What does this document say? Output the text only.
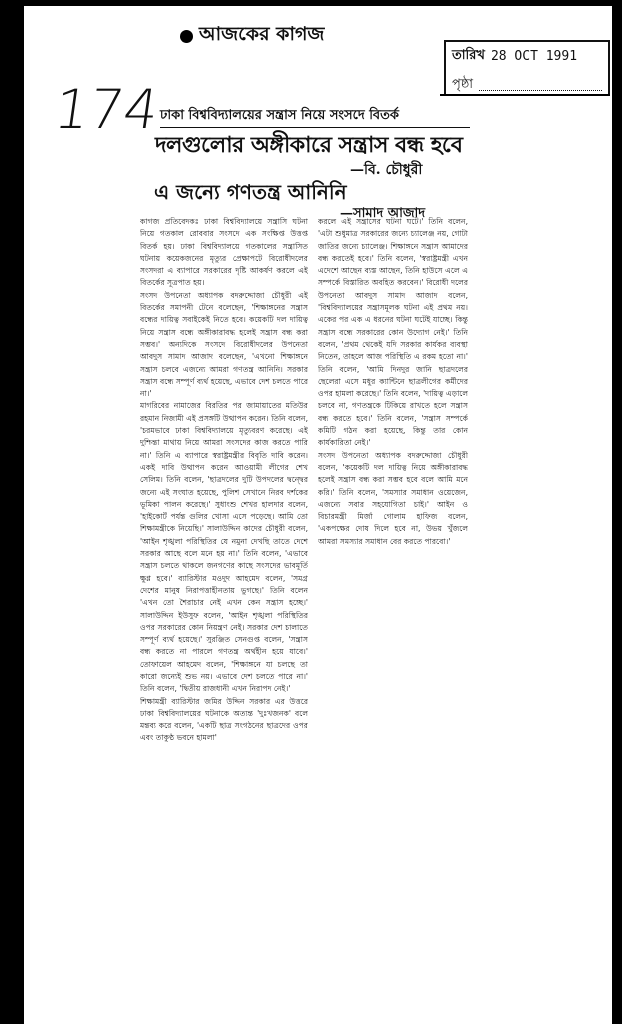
আজকের কাগজ
তারিখ 28 OCT 1991
পৃষ্ঠা
174
ঢাকা বিশ্ববিদ্যালয়ের সন্ত্রাস নিয়ে সংসদে বিতর্ক
দলগুলোর অঙ্গীকারে সন্ত্রাস বন্ধ হবে
—বি. চৌধুরী
এ জন্যে গণতন্ত্র আনিনি
—সামাদ আজাদ

কাগজ প্রতিবেদকঃ ঢাকা বিশ্ববিদ্যালয়ে সন্ত্রাসি ঘটনা নিয়ে গতকাল রোববার সংসদে এক সংক্ষিপ্ত উত্তপ্ত বিতর্ক হয়। ঢাকা বিশ্ববিদ্যালয়ে গতকালের সন্ত্রাসিত ঘটনায় কয়েকজনের মৃত্যুর প্রেক্ষাপটে বিরোধীদলের সংসদরা এ ব্যাপারে সরকারের দৃষ্টি আকর্ষণ করলে এই বিতর্কের সূত্রপাত হয়।

সংসদ উপনেতা অধ্যাপক বদরুদ্দোজা চৌধুরী এই বিতর্কের সমাপনী টেনে বলেছেন, 'শিক্ষাঙ্গনের সন্ত্রাস বন্ধের দায়িত্ব সবাইকেই নিতে হবে। কয়েকটি দল দায়িত্ব নিয়ে সন্ত্রাস বন্ধে অঙ্গীকারাবদ্ধ হলেই সন্ত্রাস বন্ধ করা সম্ভব।' অন্যদিকে সংসদে বিরোধীদলের উপনেতা আবদুস সামাদ আজাদ বলেছেন, 'এখনো শিক্ষাঙ্গনে সন্ত্রাস চলবে এজন্যে আমরা গণতন্ত্র আনিনি। সরকার সন্ত্রাস বন্ধে সম্পূর্ণ ব্যর্থ হয়েছে, এভাবে দেশ চলতে পারে না।'

মাগরিবের নামাজের বিরতির পর জামায়াতের মতিউর রহমান নিজামী এই প্রসঙ্গটি উত্থাপন করেন। তিনি বলেন, 'চরমভাবে ঢাকা বিশ্ববিদ্যালয়ে মৃত্যুবরণ করেছে। এই দুশ্চিন্তা মাথায় নিয়ে আমরা সংসদের কাজ করতে পারি না।' তিনি এ ব্যাপারে স্বরাষ্ট্রমন্ত্রীর বিবৃতি দাবি করেন। একই দাবি উত্থাপন করেন আওয়ামী লীগের শেখ সেলিম। তিনি বলেন, 'ছাত্রদলের দুটি উপদলের দ্বন্দ্বের জন্যে এই সংঘাত হয়েছে, পুলিশ সেখানে নিরব দর্শকের ভূমিকা পালন করেছে।' সুধাংশু শেখর হালদার বলেন, 'হাইকোর্ট পর্যন্ত গুলির খোসা এসে পড়েছে। আমি তো শিক্ষামন্ত্রীকে নিয়েছি।' সালাউদ্দিন কাদের চৌধুরী বলেন, 'আইন শৃঙ্খলা পরিস্থিতির যে নমুনা দেখছি তাতে দেশে সরকার আছে বলে মনে হয় না।' তিনি বলেন, 'এভাবে সন্ত্রাস চলতে থাকলে জনগণের কাছে সংসদের ভাবমূর্তি ক্ষুণ্ণ হবে।' ব্যারিস্টার মওদুদ আহমেদ বলেন, 'সমগ্র দেশের মানুষ নিরাপত্তাহীনতায় ভুগছে।' তিনি বলেন 'এখন তো শৈরাচার নেই এখন কেন সন্ত্রাস হচ্ছে।' সালাউদ্দিন ইউসুফ বলেন, 'আইন শৃঙ্খলা পরিস্থিতির ওপর সরকারের কোন নিয়ন্ত্রণ নেই। সরকার দেশ চালাতে সম্পূর্ণ ব্যর্থ হয়েছে।' সুরঞ্জিত সেনগুপ্ত বলেন, 'সন্ত্রাস বন্ধ করতে না পারলে গণতন্ত্র অর্থহীন হয়ে যাবে।' তোফায়েল আহমেদ বলেন, 'শিক্ষাঙ্গনে যা চলছে তা কারো জন্যেই শুভ নয়। এভাবে দেশ চলতে পারে না।' তিনি বলেন, 'দ্বিতীয় রাজধানী এখন নিরাপদ নেই।'

শিক্ষামন্ত্রী ব্যারিস্টার জমির উদ্দিন সরকার এর উত্তরে ঢাকা বিশ্ববিদ্যালয়ের ঘটনাকে অত্যন্ত 'দুঃখজনক' বলে মন্তব্য করে বলেন, 'একটি ছাত্র সংগঠনের ছাত্রদের ওপর এবং তাকুণ্ঠ ভবনে হামলা'

করলে এই সন্ত্রাসের ঘটনা ঘটে।' তিনি বলেন, 'এটা শুধুমাত্র সরকারের জন্যে চ্যালেঞ্জ নয়, গোটা জাতির জন্যে চ্যালেঞ্জ। শিক্ষাঙ্গনে সন্ত্রাস আমাদের বন্ধ করতেই হবে।' তিনি বলেন, 'স্বরাষ্ট্রমন্ত্রী এখন এদেশে আছেন ব্যস্ত আছেন, তিনি হাউসে এলে এ সম্পর্কে বিস্তারিত অবহিত করবেন।' বিরোধী দলের উপনেতা আবদুস সামাদ আজাদ বলেন, 'বিশ্ববিদ্যালয়ের সন্ত্রাসমূলক ঘটনা এই প্রথম নয়। একের পর এক এ ধরনের ঘটনা ঘটেই যাচ্ছে। কিন্তু সন্ত্রাস বন্ধে সরকারের কোন উদ্যোগ নেই।' তিনি বলেন, 'প্রথম থেকেই যদি সরকার কার্যকর ব্যবস্থা নিতেন, তাহলে আজ পরিস্থিতি এ রকম হতো না।' তিনি বলেন, 'আমি দিনদুর জানি ছাত্রদলের ছেলেরা এসে মধুর ক্যান্টিনে ছাত্রলীগের কর্মীদের ওপর হামলা করেছে।' তিনি বলেন, 'দায়িত্ব এড়ালে চলবে না, গণতন্ত্রকে টিকিয়ে রাখতে হলে সন্ত্রাস বন্ধ করতে হবে।' তিনি বলেন, 'সন্ত্রাস সম্পর্কে কমিটি গঠন করা হয়েছে, কিন্তু তার কোন কার্যকারিতা নেই।'

সংসদ উপনেতা অধ্যাপক বদরুদ্দোজা চৌধুরী বলেন, 'কয়েকটি দল দায়িত্ব নিয়ে অঙ্গীকারাবদ্ধ হলেই সন্ত্রাস বন্ধ করা সম্ভব হবে বলে আমি মনে করি।' তিনি বলেন, 'সমস্যার সমাধান ওয়েজেন, এজন্যে সবার সহযোগিতা চাই।' আইন ও বিচারমন্ত্রী মির্জা গোলাম হাফিজ বলেন, 'একপক্ষের দোষ দিলে হবে না, উভয় খুঁজলে আমরা সমস্যার সমাধান বের করতে পারবো।'
